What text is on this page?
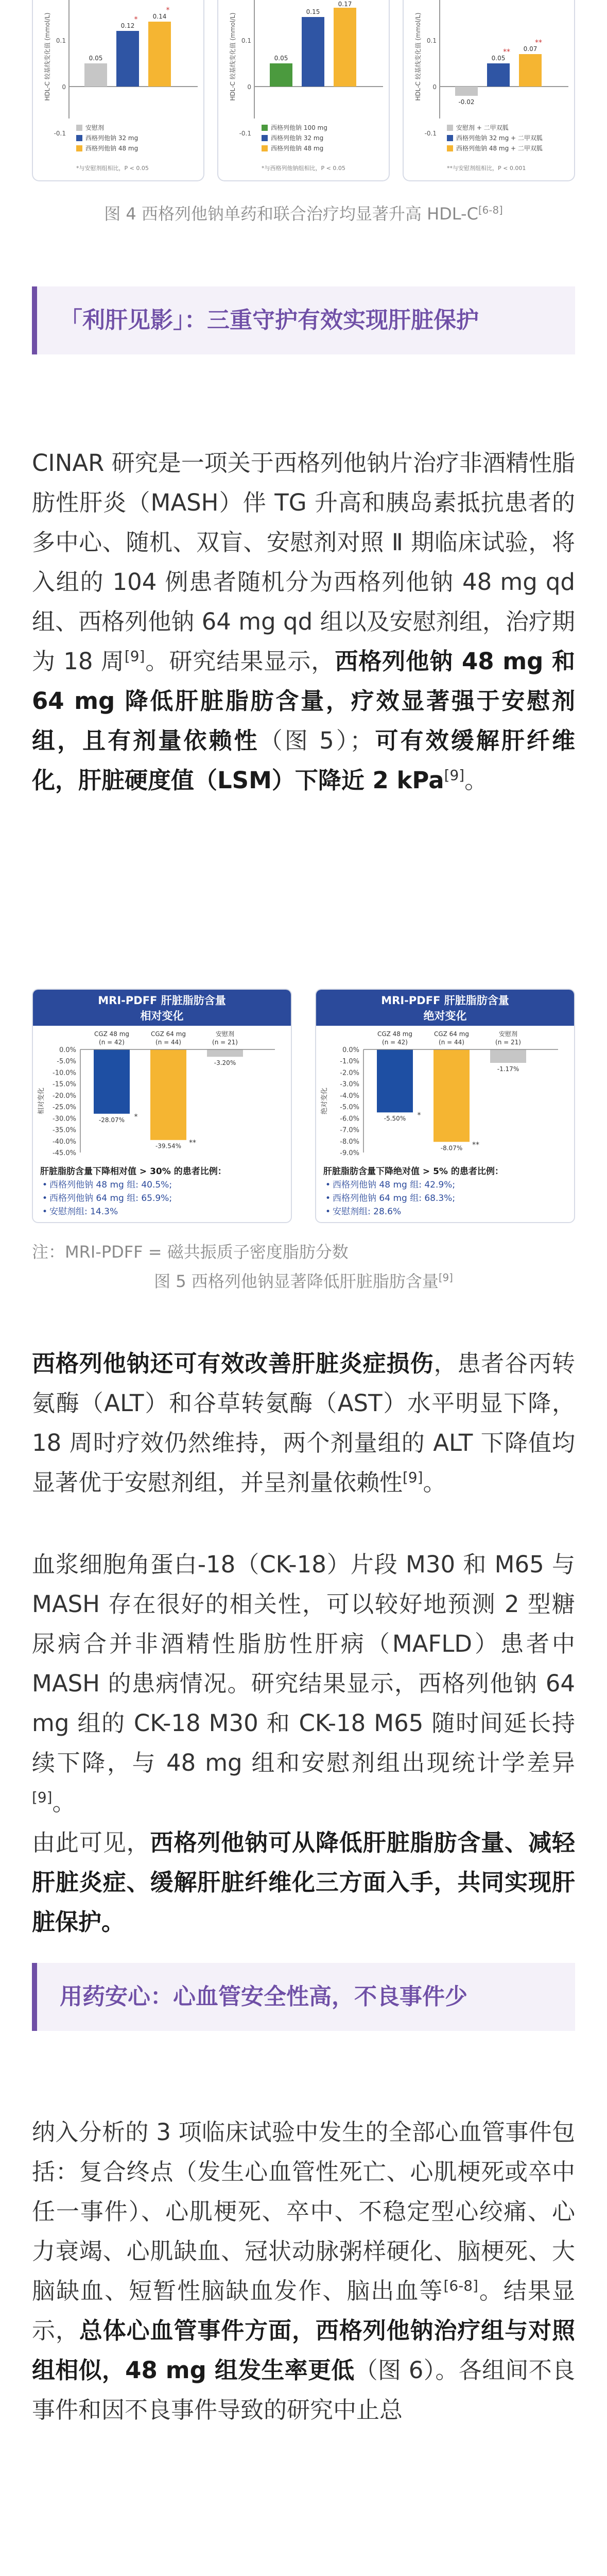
HDL-C 较基线变化值 (mmol/L) 0
-0.1
0.1
0.05
0.12
* 0.14
*
安慰剂
西格列他钠 32 mg
西格列他钠 48 mg
*与安慰剂组相比，P < 0.05
HDL-C 较基线变化值 (mmol/L) 0
-0.1
0.1
0.05
0.15
0.17
西格列他钠 100 mg
西格列他钠 32 mg
西格列他钠 48 mg
*与西格列他钠组相比，P < 0.05
HDL-C 较基线变化值 (mmol/L) 0
-0.1
0.1
-0.02
0.05
** 0.07
**
安慰剂 + 二甲双胍
西格列他钠 32 mg + 二甲双胍
西格列他钠 48 mg + 二甲双胍
**与安慰剂组相比，P < 0.001
图 4 西格列他钠单药和联合治疗均显著升高 HDL-C[6-8]
「利肝见影」：三重守护有效实现肝脏保护
CINAR 研究是一项关于西格列他钠片治疗非酒精性脂肪性肝炎（MASH）伴 TG 升高和胰岛素抵抗患者的多中心、随机、双盲、安慰剂对照 Ⅱ 期临床试验，将入组的 104 例患者随机分为西格列他钠 48 mg qd 组、西格列他钠 64 mg qd 组以及安慰剂组，治疗期为 18 周[9]。研究结果显示，西格列他钠 48 mg 和 64 mg 降低肝脏脂肪含量，疗效显著强于安慰剂组，且有剂量依赖性（图 5）；可有效缓解肝纤维化，肝脏硬度值（LSM）下降近 2 kPa[9]。
MRI-PDFF 肝脏脂肪含量
相对变化
0.0%
-5.0%
-10.0%
-15.0%
-20.0%
-25.0%
-30.0%
-35.0%
-40.0%
-45.0%
相对变化
CGZ 48 mg
(n = 42)
-28.07% *
CGZ 64 mg
(n = 44)
-39.54% **
安慰剂
(n = 21)
-3.20%
肝脏脂肪含量下降相对值 > 30% 的患者比例：
• 西格列他钠 48 mg 组: 40.5%;
• 西格列他钠 64 mg 组: 65.9%;
• 安慰剂组: 14.3%
MRI-PDFF 肝脏脂肪含量
绝对变化
0.0%
-1.0%
-2.0%
-3.0%
-4.0%
-5.0%
-6.0%
-7.0%
-8.0%
-9.0%
绝对变化
CGZ 48 mg
(n = 42)
-5.50% *
CGZ 64 mg
(n = 44)
-8.07% **
安慰剂
(n = 21)
-1.17%
肝脏脂肪含量下降绝对值 > 5% 的患者比例：
• 西格列他钠 48 mg 组: 42.9%;
• 西格列他钠 64 mg 组: 68.3%;
• 安慰剂组: 28.6%
注：MRI-PDFF = 磁共振质子密度脂肪分数
图 5 西格列他钠显著降低肝脏脂肪含量[9]
西格列他钠还可有效改善肝脏炎症损伤，患者谷丙转氨酶（ALT）和谷草转氨酶（AST）水平明显下降，18 周时疗效仍然维持，两个剂量组的 ALT 下降值均显著优于安慰剂组，并呈剂量依赖性[9]。
血浆细胞角蛋白-18（CK-18）片段 M30 和 M65 与 MASH 存在很好的相关性，可以较好地预测 2 型糖尿病合并非酒精性脂肪性肝病（MAFLD）患者中 MASH 的患病情况。研究结果显示，西格列他钠 64 mg 组的 CK-18 M30 和 CK-18 M65 随时间延长持续下降，与 48 mg 组和安慰剂组出现统计学差异[9]。
由此可见，西格列他钠可从降低肝脏脂肪含量、减轻肝脏炎症、缓解肝脏纤维化三方面入手，共同实现肝脏保护。
用药安心：心血管安全性高，不良事件少
纳入分析的 3 项临床试验中发生的全部心血管事件包括：复合终点（发生心血管性死亡、心肌梗死或卒中任一事件）、心肌梗死、卒中、不稳定型心绞痛、心力衰竭、心肌缺血、冠状动脉粥样硬化、脑梗死、大脑缺血、短暂性脑缺血发作、脑出血等[6-8]。结果显示，总体心血管事件方面，西格列他钠治疗组与对照组相似，48 mg 组发生率更低（图 6）。各组间不良事件和因不良事件导致的研究中止总
